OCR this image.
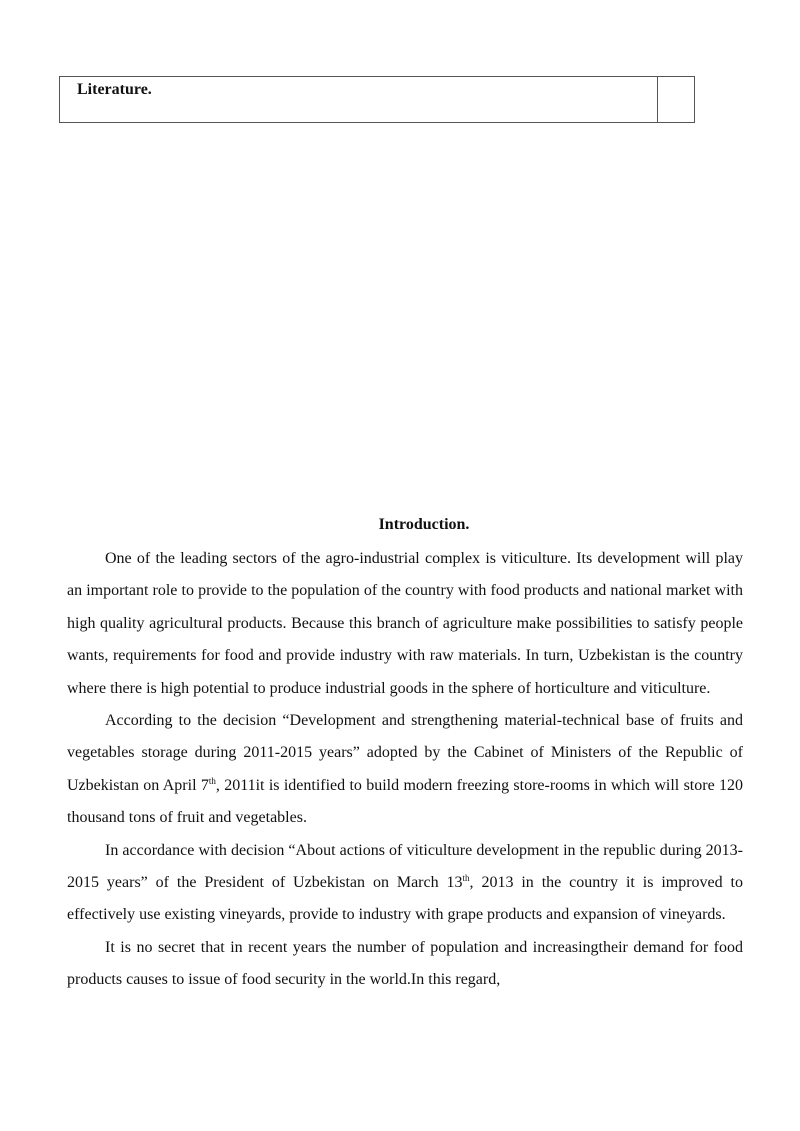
Literature.
Introduction.

One of the leading sectors of the agro-industrial complex is viticulture. Its development will play an important role to provide to the population of the country with food products and national market with high quality agricultural products. Because this branch of agriculture make possibilities to satisfy people wants, requirements for food and provide industry with raw materials. In turn, Uzbekistan is the country where there is high potential to produce industrial goods in the sphere of horticulture and viticulture.

According to the decision “Development and strengthening material-technical base of fruits and vegetables storage during 2011-2015 years” adopted by the Cabinet of Ministers of the Republic of Uzbekistan on April 7th, 2011it is identified to build modern freezing store-rooms in which will store 120 thousand tons of fruit and vegetables.

In accordance with decision “About actions of viticulture development in the republic during 2013-2015 years” of the President of Uzbekistan on March 13th, 2013 in the country it is improved to effectively use existing vineyards, provide to industry with grape products and expansion of vineyards.

It is no secret that in recent years the number of population and increasingtheir demand for food products causes to issue of food security in the world.In this regard,
